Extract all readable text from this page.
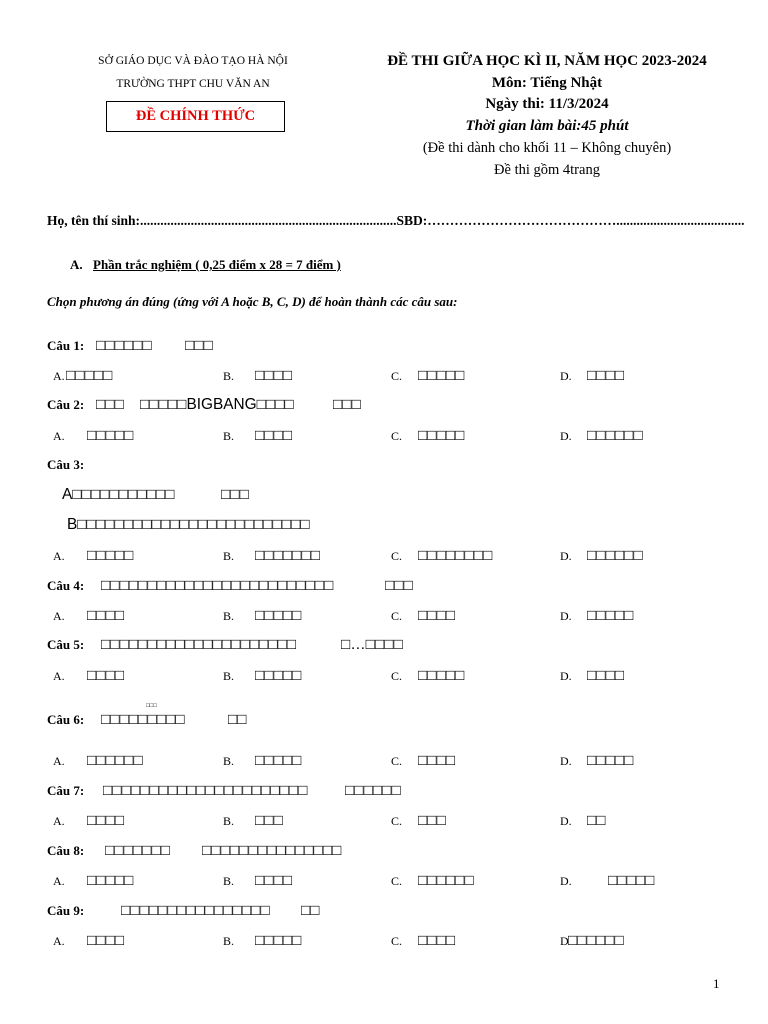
SỞ GIÁO DỤC VÀ ĐÀO TẠO HÀ NỘI
TRƯỜNG THPT CHU VĂN AN
ĐỀ CHÍNH THỨC
ĐỀ THI GIỮA HỌC KÌ II, NĂM HỌC 2023-2024
Môn: Tiếng Nhật
Ngày thi: 11/3/2024
Thời gian làm bài:45 phút
(Đề thi dành cho khối 11 – Không chuyên)
Đề thi gồm 4trang
Họ, tên thí sinh:............................................................................SBD:……………………………………......................................
A. Phần trắc nghiệm ( 0,25 điểm x 28 = 7 điểm )
Chọn phương án đúng (ứng với A hoặc B, C, D) để hoàn thành các câu sau:
Câu 1: □□□□□□ □□□
A. □□□□□	B. □□□□	C. □□□□□	D. □□□□
Câu 2: □□□ □□□□□BIGBANG□□□□	□□□
A. □□□□□	B. □□□□	C. □□□□□	D. □□□□□□
Câu 3:
A□□□□□□□□□□□	□□□
B□□□□□□□□□□□□□□□□□□□□□□□□□
A. □□□□□	B. □□□□□□□	C. □□□□□□□□	D. □□□□□□
Câu 4: □□□□□□□□□□□□□□□□□□□□□□□□□	□□□
A. □□□□	B. □□□□□	C. □□□□	D. □□□□□
Câu 5: □□□□□□□□□□□□□□□□□□□□□	□…□□□□
A. □□□□	B. □□□□□	C. □□□□□	D. □□□□
□□□
Câu 6: □□□□□□□□□	□□
A. □□□□□□	B. □□□□□	C. □□□□	D. □□□□□
Câu 7: □□□□□□□□□□□□□□□□□□□□□□ □□□□□□
A. □□□□	B. □□□	C. □□□	D. □□
Câu 8: □□□□□□□ □□□□□□□□□□□□□□□
A. □□□□□	B. □□□□	C. □□□□□□	D. □□□□□
Câu 9: □□□□□□□□□□□□□□□□ □□
A. □□□□	B. □□□□□	C. □□□□	D □□□□□□
1
